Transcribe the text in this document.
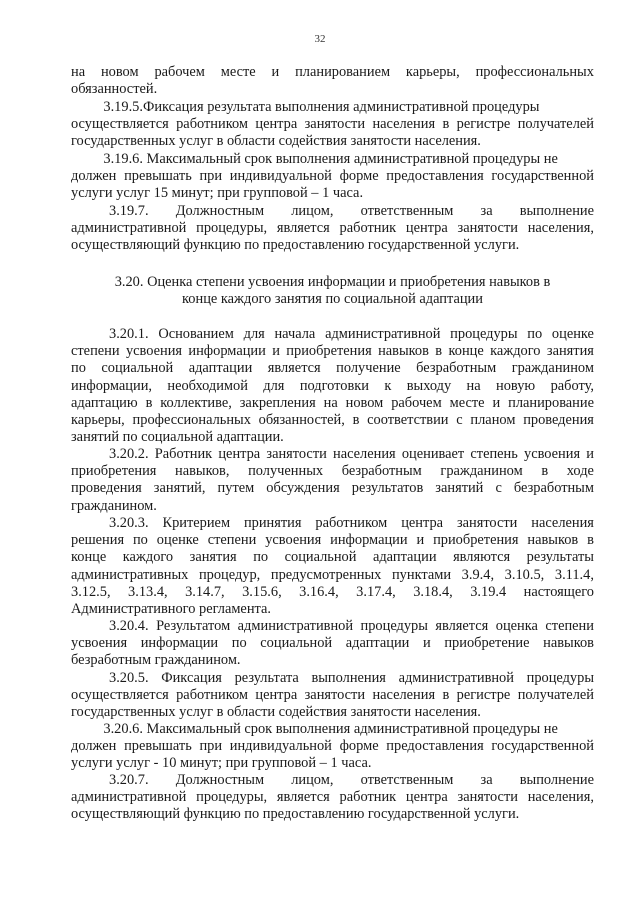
32
на новом рабочем месте и планированием карьеры, профессиональных
обязанностей.
3.19.5.Фиксация результата выполнения административной процедуры
осуществляется работником центра занятости населения в регистре получателей
государственных услуг в области содействия занятости населения.
3.19.6. Максимальный срок выполнения административной процедуры не
должен превышать при индивидуальной форме предоставления государственной
услуги услуг 15 минут; при групповой – 1 часа.
3.19.7. Должностным лицом, ответственным за выполнение
административной процедуры, является работник центра занятости населения,
осуществляющий функцию по предоставлению государственной услуги.
3.20. Оценка степени усвоения информации и приобретения навыков в
конце каждого занятия по социальной адаптации
3.20.1. Основанием для начала административной процедуры по оценке
степени усвоения информации и приобретения навыков в конце каждого занятия
по социальной адаптации является получение безработным гражданином
информации, необходимой для подготовки к выходу на новую работу,
адаптацию в коллективе, закрепления на новом рабочем месте и планирование
карьеры, профессиональных обязанностей, в соответствии с планом проведения
занятий по социальной адаптации.
3.20.2. Работник центра занятости населения оценивает степень усвоения и
приобретения навыков, полученных безработным гражданином в ходе
проведения занятий, путем обсуждения результатов занятий с безработным
гражданином.
3.20.3. Критерием принятия работником центра занятости населения
решения по оценке степени усвоения информации и приобретения навыков в
конце каждого занятия по социальной адаптации являются результаты
административных процедур, предусмотренных пунктами 3.9.4, 3.10.5, 3.11.4,
3.12.5, 3.13.4, 3.14.7, 3.15.6, 3.16.4, 3.17.4, 3.18.4, 3.19.4 настоящего
Административного регламента.
3.20.4. Результатом административной процедуры является оценка степени
усвоения информации по социальной адаптации и приобретение навыков
безработным гражданином.
3.20.5. Фиксация результата выполнения административной процедуры
осуществляется работником центра занятости населения в регистре получателей
государственных услуг в области содействия занятости населения.
3.20.6. Максимальный срок выполнения административной процедуры не
должен превышать при индивидуальной форме предоставления государственной
услуги услуг - 10 минут; при групповой – 1 часа.
3.20.7. Должностным лицом, ответственным за выполнение
административной процедуры, является работник центра занятости населения,
осуществляющий функцию по предоставлению государственной услуги.
